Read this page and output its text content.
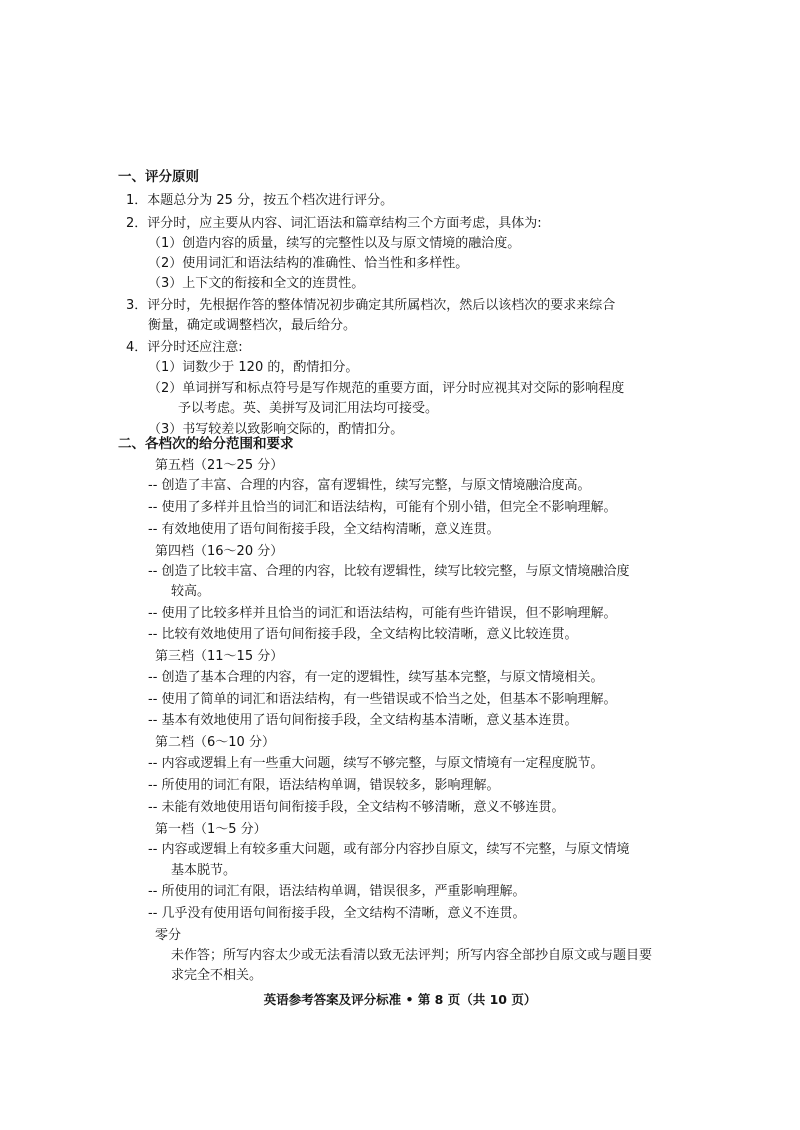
一、评分原则
1．本题总分为 25 分，按五个档次进行评分。
2．评分时，应主要从内容、词汇语法和篇章结构三个方面考虑，具体为:
（1）创造内容的质量，续写的完整性以及与原文情境的融洽度。
（2）使用词汇和语法结构的准确性、恰当性和多样性。
（3）上下文的衔接和全文的连贯性。
3．评分时，先根据作答的整体情况初步确定其所属档次，然后以该档次的要求来综合
衡量，确定或调整档次，最后给分。
4．评分时还应注意:
（1）词数少于 120 的，酌情扣分。
（2）单词拼写和标点符号是写作规范的重要方面，评分时应视其对交际的影响程度
予以考虑。英、美拼写及词汇用法均可接受。
（3）书写较差以致影响交际的，酌情扣分。
二、各档次的给分范围和要求
第五档（21～25 分）
-- 创造了丰富、合理的内容，富有逻辑性，续写完整，与原文情境融洽度高。
-- 使用了多样并且恰当的词汇和语法结构，可能有个别小错，但完全不影响理解。
-- 有效地使用了语句间衔接手段，全文结构清晰，意义连贯。
第四档（16～20 分）
-- 创造了比较丰富、合理的内容，比较有逻辑性，续写比较完整，与原文情境融洽度
较高。
-- 使用了比较多样并且恰当的词汇和语法结构，可能有些许错误，但不影响理解。
-- 比较有效地使用了语句间衔接手段，全文结构比较清晰，意义比较连贯。
第三档（11～15 分）
-- 创造了基本合理的内容，有一定的逻辑性，续写基本完整，与原文情境相关。
-- 使用了简单的词汇和语法结构，有一些错误或不恰当之处，但基本不影响理解。
-- 基本有效地使用了语句间衔接手段，全文结构基本清晰，意义基本连贯。
第二档（6～10 分）
-- 内容或逻辑上有一些重大问题，续写不够完整，与原文情境有一定程度脱节。
-- 所使用的词汇有限，语法结构单调，错误较多，影响理解。
-- 未能有效地使用语句间衔接手段，全文结构不够清晰，意义不够连贯。
第一档（1～5 分）
-- 内容或逻辑上有较多重大问题，或有部分内容抄自原文，续写不完整，与原文情境
基本脱节。
-- 所使用的词汇有限，语法结构单调，错误很多，严重影响理解。
-- 几乎没有使用语句间衔接手段，全文结构不清晰，意义不连贯。
零分
未作答；所写内容太少或无法看清以致无法评判；所写内容全部抄自原文或与题目要
求完全不相关。
英语参考答案及评分标准 • 第 8 页（共 10 页）
